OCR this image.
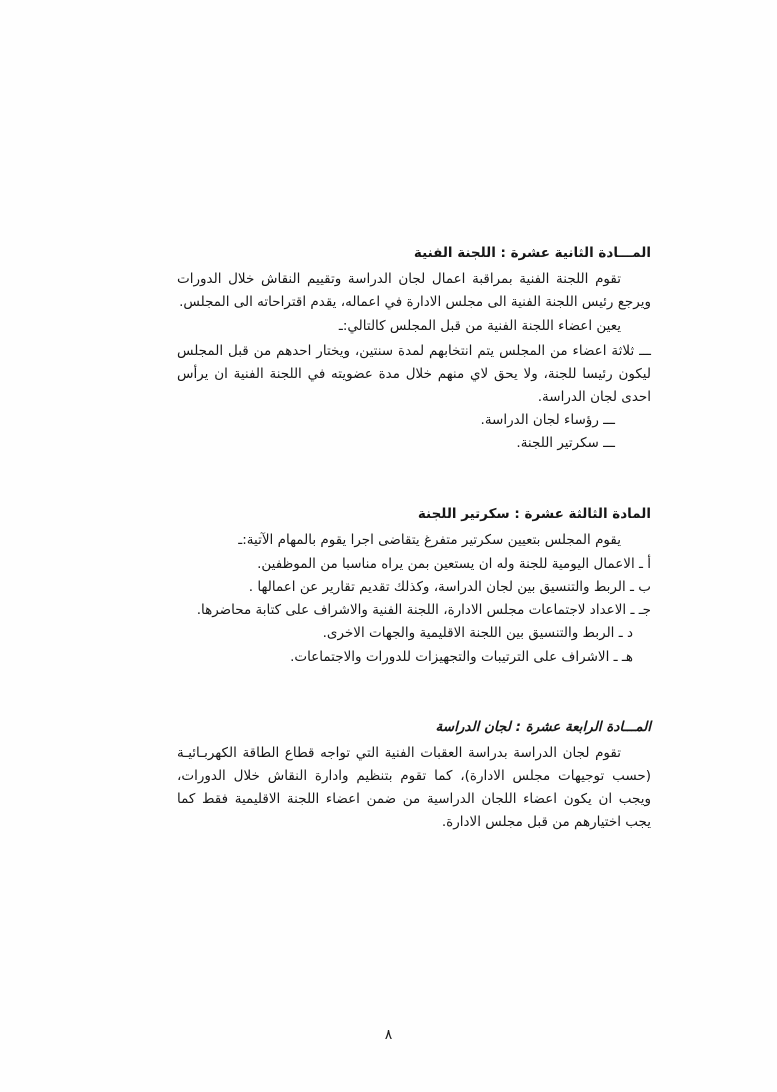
المـــادة الثانية عشرة : اللجنة الفنية

تقوم اللجنة الفنية بمراقبة اعمال لجان الدراسة وتقييم النقاش خلال الدورات ويرجع رئيس اللجنة الفنية الى مجلس الادارة في اعماله، يقدم اقتراحاته الى المجلس.

يعين اعضاء اللجنة الفنية من قبل المجلس كالتالي:ـ

ـــ ثلاثة اعضاء من المجلس يتم انتخابهم لمدة سنتين، ويختار احدهم من قبل المجلس ليكون رئيسا للجنة، ولا يحق لاي منهم خلال مدة عضويته في اللجنة الفنية ان يرأس احدى لجان الدراسة.
ـــ رؤساء لجان الدراسة.
ـــ سكرتير اللجنة.
المادة الثالثة عشرة : سكرتير اللجنة

يقوم المجلس بتعيين سكرتير متفرغ يتقاضى اجرا يقوم بالمهام الآتية:ـ

أ ـ الاعمال اليومية للجنة وله ان يستعين بمن يراه مناسبا من الموظفين.
ب ـ الربط والتنسيق بين لجان الدراسة، وكذلك تقديم تقارير عن اعمالها .
جـ ـ الاعداد لاجتماعات مجلس الادارة، اللجنة الفنية والاشراف على كتابة محاضرها.
د ـ الربط والتنسيق بين اللجنة الاقليمية والجهات الاخرى.
هـ ـ الاشراف على الترتيبات والتجهيزات للدورات والاجتماعات.
المـــادة الرابعة عشرة : لجان الدراسة

تقوم لجان الدراسة بدراسة العقبات الفنية التي تواجه قطاع الطاقة الكهربـائيـة (حسب توجيهات مجلس الادارة)، كما تقوم بتنظيم وادارة النقاش خلال الدورات، ويجب ان يكون اعضاء اللجان الدراسية من ضمن اعضاء اللجنة الاقليمية فقط كما يجب اختيارهم من قبل مجلس الادارة.

٨
